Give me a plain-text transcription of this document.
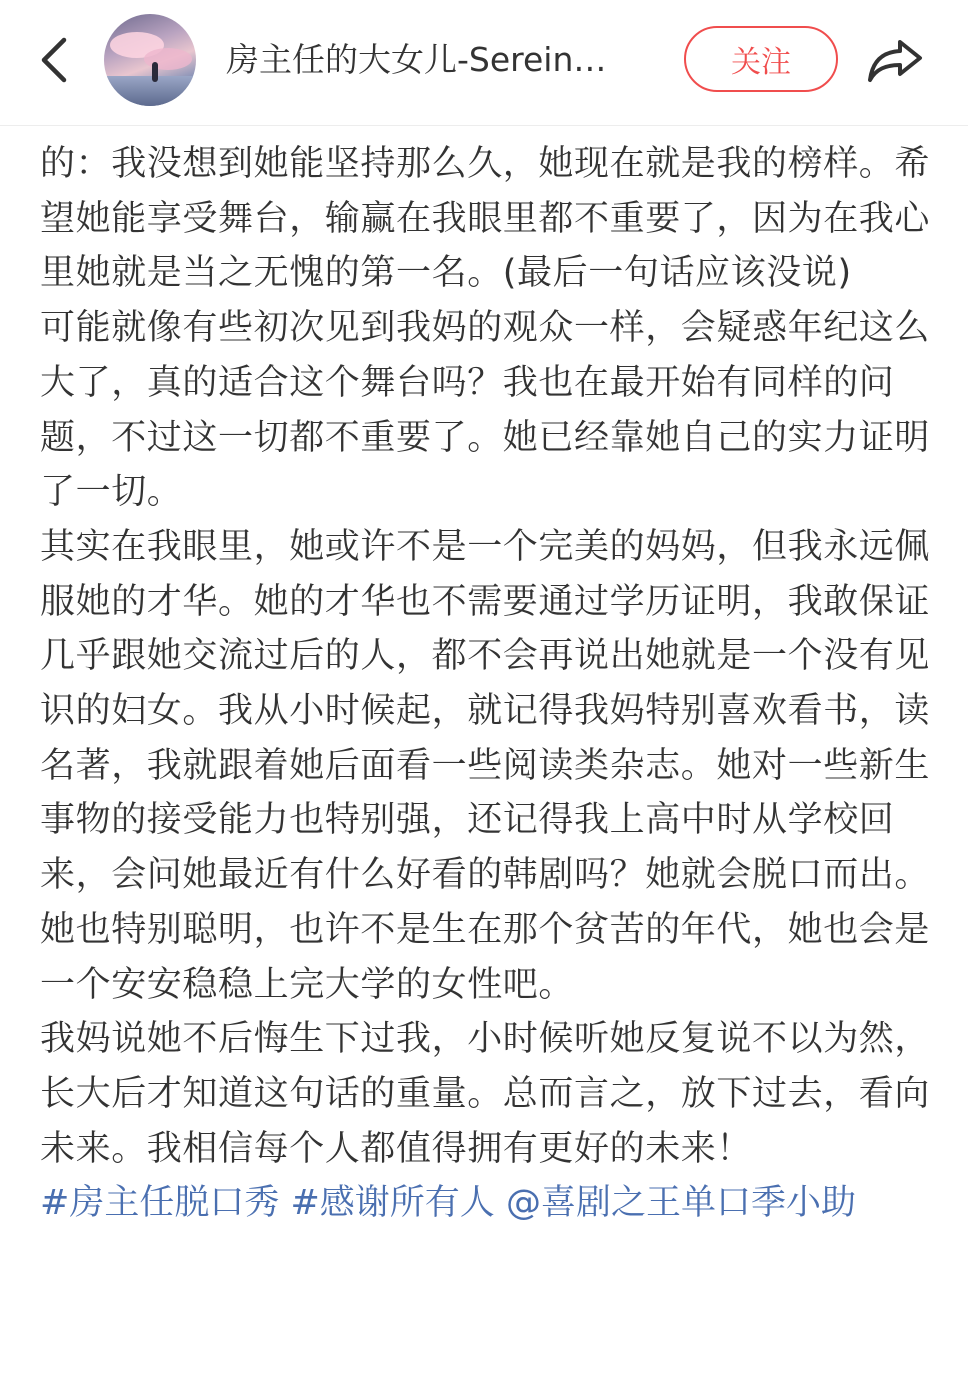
房主任的大女儿-Serein…	关注

的：我没想到她能坚持那么久，她现在就是我的榜样。希望她能享受舞台，输赢在我眼里都不重要了，因为在我心里她就是当之无愧的第一名。(最后一句话应该没说)

可能就像有些初次见到我妈的观众一样，会疑惑年纪这么大了，真的适合这个舞台吗？我也在最开始有同样的问题，不过这一切都不重要了。她已经靠她自己的实力证明了一切。

其实在我眼里，她或许不是一个完美的妈妈，但我永远佩服她的才华。她的才华也不需要通过学历证明，我敢保证几乎跟她交流过后的人，都不会再说出她就是一个没有见识的妇女。我从小时候起，就记得我妈特别喜欢看书，读名著，我就跟着她后面看一些阅读类杂志。她对一些新生事物的接受能力也特别强，还记得我上高中时从学校回来，会问她最近有什么好看的韩剧吗？她就会脱口而出。她也特别聪明，也许不是生在那个贫苦的年代，她也会是一个安安稳稳上完大学的女性吧。

我妈说她不后悔生下过我，小时候听她反复说不以为然，长大后才知道这句话的重量。总而言之，放下过去，看向未来。我相信每个人都值得拥有更好的未来！

#房主任脱口秀 #感谢所有人 @喜剧之王单口季小助
